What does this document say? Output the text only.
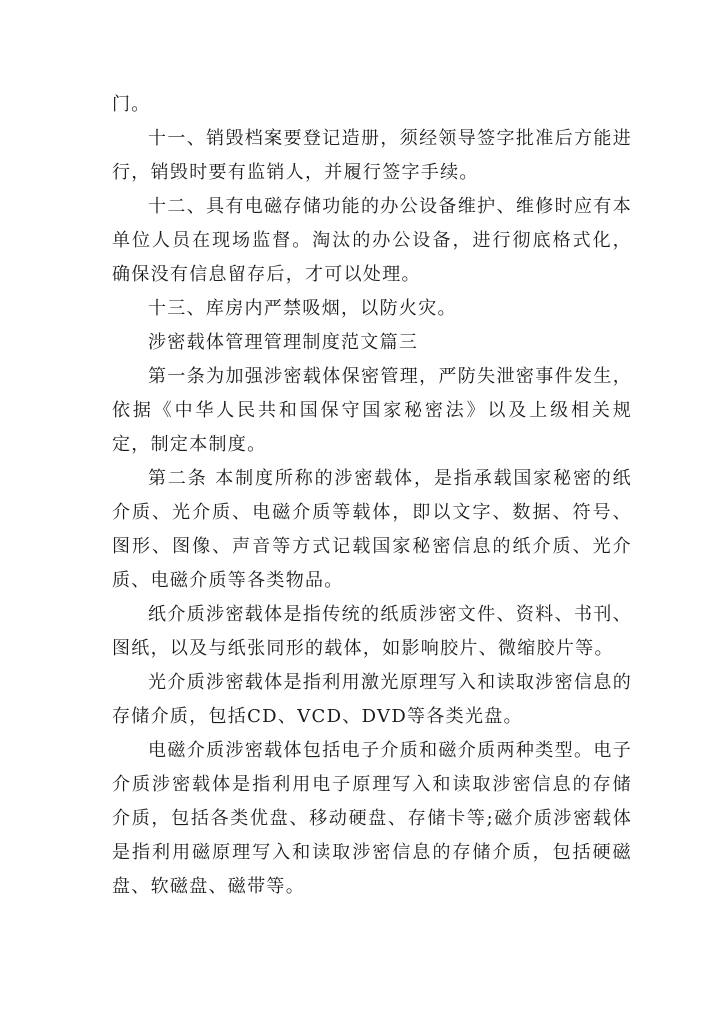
门。

十一、销毁档案要登记造册，须经领导签字批准后方能进行，销毁时要有监销人，并履行签字手续。

十二、具有电磁存储功能的办公设备维护、维修时应有本单位人员在现场监督。淘汰的办公设备，进行彻底格式化，确保没有信息留存后，才可以处理。

十三、库房内严禁吸烟，以防火灾。

涉密载体管理管理制度范文篇三

第一条为加强涉密载体保密管理，严防失泄密事件发生，依据《中华人民共和国保守国家秘密法》以及上级相关规定，制定本制度。

第二条 本制度所称的涉密载体，是指承载国家秘密的纸介质、光介质、电磁介质等载体，即以文字、数据、符号、图形、图像、声音等方式记载国家秘密信息的纸介质、光介质、电磁介质等各类物品。

纸介质涉密载体是指传统的纸质涉密文件、资料、书刊、图纸，以及与纸张同形的载体，如影响胶片、微缩胶片等。

光介质涉密载体是指利用激光原理写入和读取涉密信息的存储介质，包括CD、VCD、DVD等各类光盘。

电磁介质涉密载体包括电子介质和磁介质两种类型。电子介质涉密载体是指利用电子原理写入和读取涉密信息的存储介质，包括各类优盘、移动硬盘、存储卡等;磁介质涉密载体是指利用磁原理写入和读取涉密信息的存储介质，包括硬磁盘、软磁盘、磁带等。
